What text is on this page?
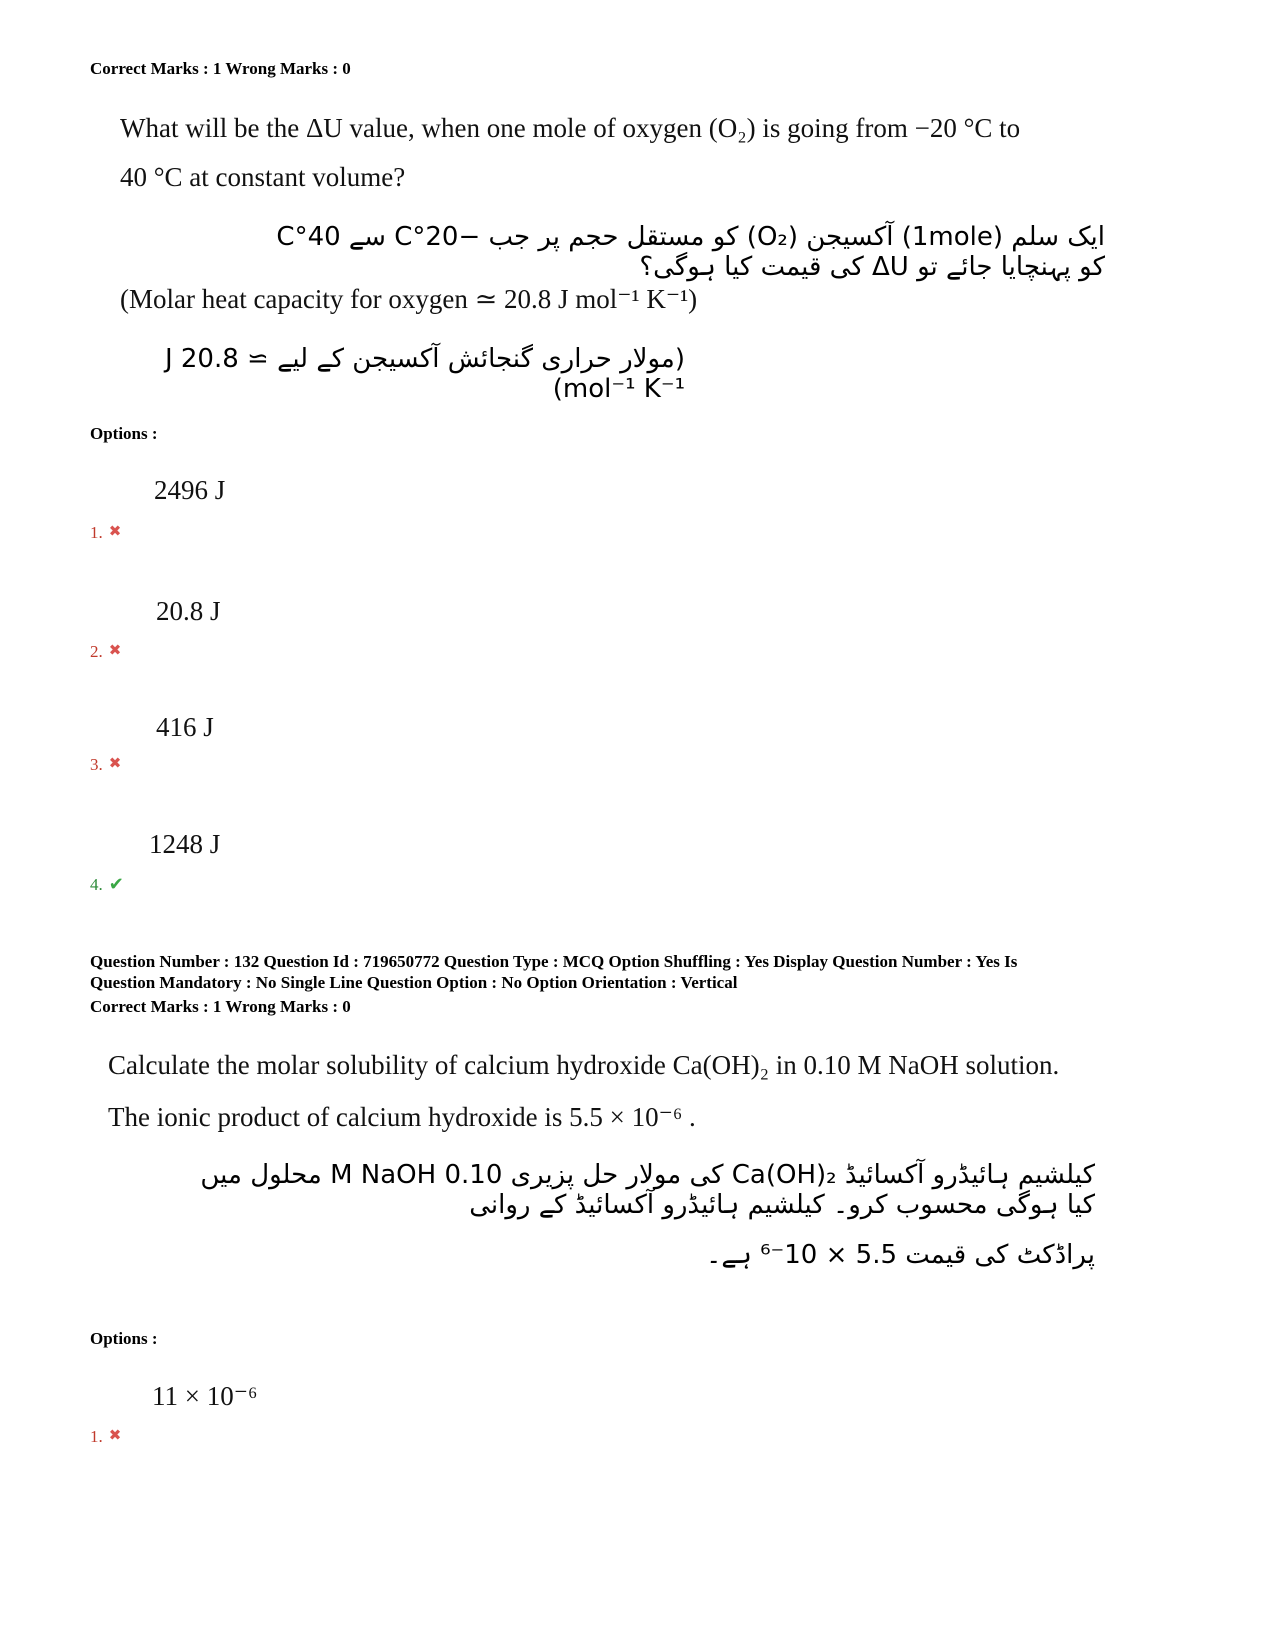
Correct Marks : 1 Wrong Marks : 0
What will be the ΔU value, when one mole of oxygen (O₂) is going from −20 °C to
40 °C at constant volume?
ایک سلم (1mole) آکسیجن (O₂) کو مستقل حجم پر جب −20°C سے 40°C کو پہنچایا جائے تو ΔU کی قیمت کیا ہوگی؟
(Molar heat capacity for oxygen ≃ 20.8 J mol⁻¹ K⁻¹)
(مولار حراری گنجائش آکسیجن کے لیے ≃ 20.8 J mol⁻¹ K⁻¹)
Options :
2496 J
1. ✖
20.8 J
2. ✖
416 J
3. ✖
1248 J
4. ✔
Question Number : 132 Question Id : 719650772 Question Type : MCQ Option Shuffling : Yes Display Question Number : Yes Is
Question Mandatory : No Single Line Question Option : No Option Orientation : Vertical
Correct Marks : 1 Wrong Marks : 0
Calculate the molar solubility of calcium hydroxide Ca(OH)₂ in 0.10 M NaOH solution.
The ionic product of calcium hydroxide is 5.5 × 10⁻⁶ .
کیلشیم ہائیڈرو آکسائیڈ Ca(OH)₂ کی مولار حل پزیری 0.10 M NaOH محلول میں کیا ہوگی محسوب کرو۔ کیلشیم ہائیڈرو آکسائیڈ کے روانی
پراڈکٹ کی قیمت 5.5 × 10⁻⁶ ہے۔
Options :
11 × 10⁻⁶
1. ✖
